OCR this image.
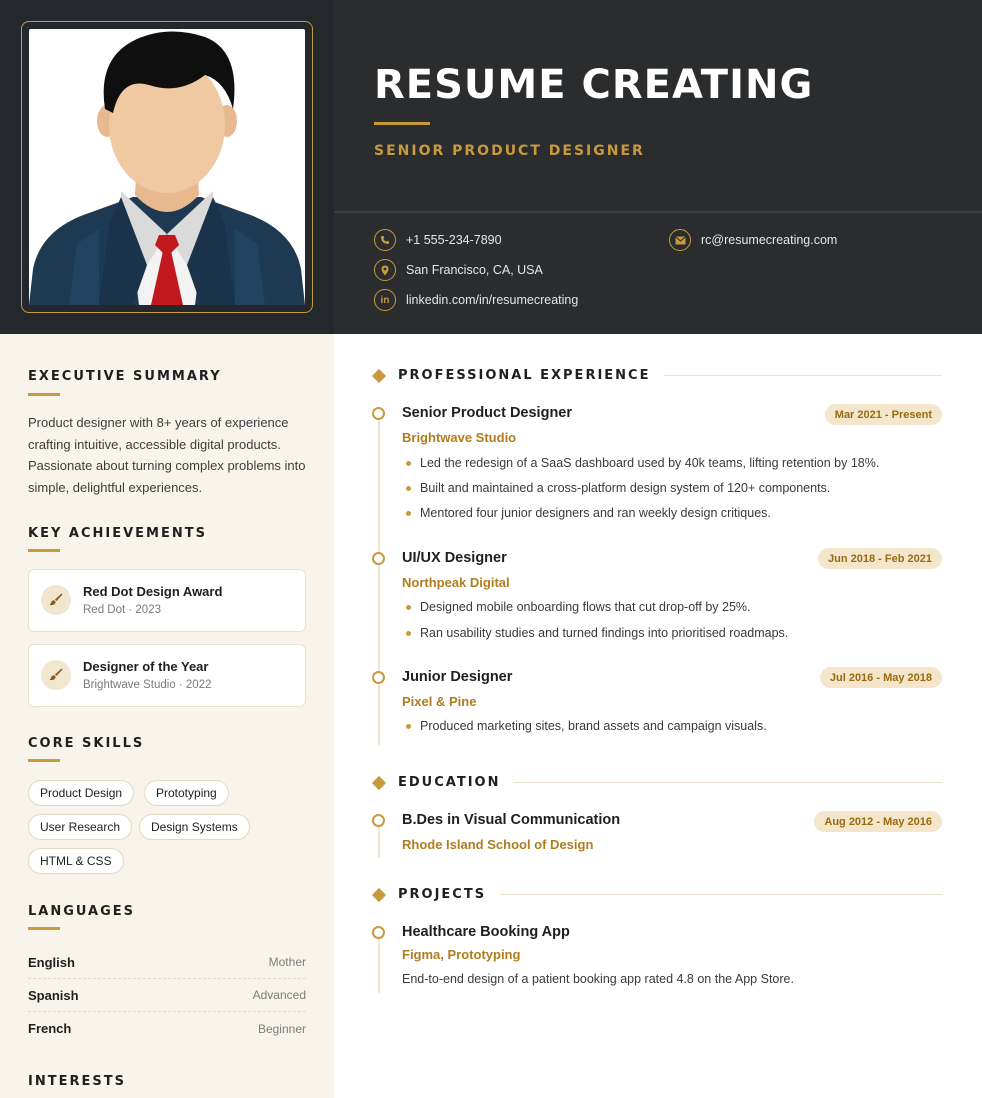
RESUME CREATING
SENIOR PRODUCT DESIGNER
+1 555-234-7890
San Francisco, CA, USA
in	linkedin.com/in/resumecreating
rc@resumecreating.com
EXECUTIVE SUMMARY
Product designer with 8+ years of experience crafting intuitive, accessible digital products. Passionate about turning complex problems into simple, delightful experiences.
KEY ACHIEVEMENTS
Red Dot Design Award
Red Dot · 2023
Designer of the Year
Brightwave Studio · 2022
CORE SKILLS
Product Design	Prototyping
User Research	Design Systems
HTML & CSS
LANGUAGES
English	Mother
Spanish	Advanced
French	Beginner
INTERESTS
PROFESSIONAL EXPERIENCE
Senior Product Designer	Mar 2021 - Present
Brightwave Studio
Led the redesign of a SaaS dashboard used by 40k teams, lifting retention by 18%.
Built and maintained a cross-platform design system of 120+ components.
Mentored four junior designers and ran weekly design critiques.
UI/UX Designer	Jun 2018 - Feb 2021
Northpeak Digital
Designed mobile onboarding flows that cut drop-off by 25%.
Ran usability studies and turned findings into prioritised roadmaps.
Junior Designer	Jul 2016 - May 2018
Pixel & Pine
Produced marketing sites, brand assets and campaign visuals.
EDUCATION
B.Des in Visual Communication	Aug 2012 - May 2016
Rhode Island School of Design
PROJECTS
Healthcare Booking App
Figma, Prototyping
End-to-end design of a patient booking app rated 4.8 on the App Store.
